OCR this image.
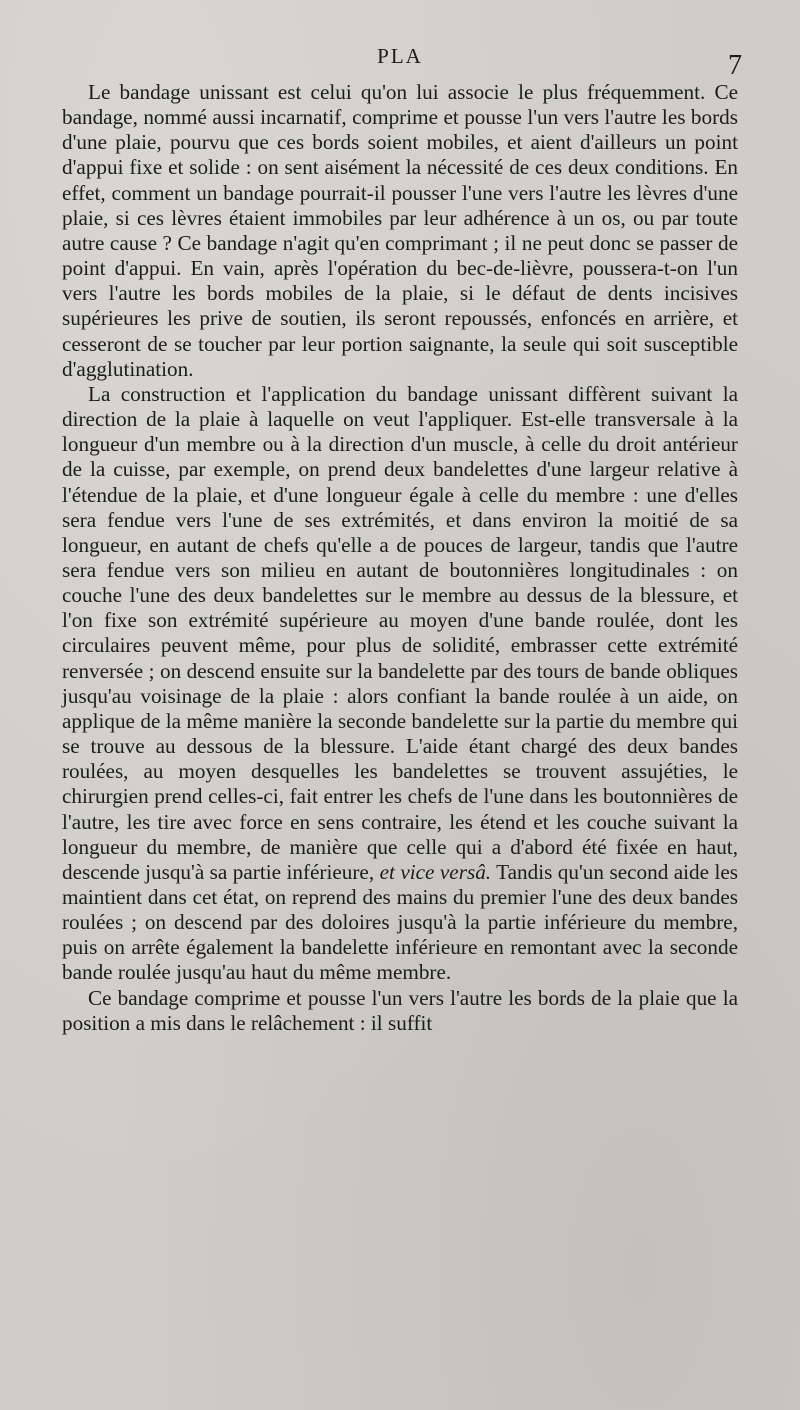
PLA	7

Le bandage unissant est celui qu'on lui associe le plus fréquemment. Ce bandage, nommé aussi incarnatif, comprime et pousse l'un vers l'autre les bords d'une plaie, pourvu que ces bords soient mobiles, et aient d'ailleurs un point d'appui fixe et solide : on sent aisément la nécessité de ces deux conditions. En effet, comment un bandage pourrait-il pousser l'une vers l'autre les lèvres d'une plaie, si ces lèvres étaient immobiles par leur adhérence à un os, ou par toute autre cause ? Ce bandage n'agit qu'en comprimant ; il ne peut donc se passer de point d'appui. En vain, après l'opération du bec-de-lièvre, poussera-t-on l'un vers l'autre les bords mobiles de la plaie, si le défaut de dents incisives supérieures les prive de soutien, ils seront repoussés, enfoncés en arrière, et cesseront de se toucher par leur portion saignante, la seule qui soit susceptible d'agglutination.

La construction et l'application du bandage unissant diffèrent suivant la direction de la plaie à laquelle on veut l'appliquer. Est-elle transversale à la longueur d'un membre ou à la direction d'un muscle, à celle du droit antérieur de la cuisse, par exemple, on prend deux bandelettes d'une largeur relative à l'étendue de la plaie, et d'une longueur égale à celle du membre : une d'elles sera fendue vers l'une de ses extrémités, et dans environ la moitié de sa longueur, en autant de chefs qu'elle a de pouces de largeur, tandis que l'autre sera fendue vers son milieu en autant de boutonnières longitudinales : on couche l'une des deux bandelettes sur le membre au dessus de la blessure, et l'on fixe son extrémité supérieure au moyen d'une bande roulée, dont les circulaires peuvent même, pour plus de solidité, embrasser cette extrémité renversée ; on descend ensuite sur la bandelette par des tours de bande obliques jusqu'au voisinage de la plaie : alors confiant la bande roulée à un aide, on applique de la même manière la seconde bandelette sur la partie du membre qui se trouve au dessous de la blessure. L'aide étant chargé des deux bandes roulées, au moyen desquelles les bandelettes se trouvent assujéties, le chirurgien prend celles-ci, fait entrer les chefs de l'une dans les boutonnières de l'autre, les tire avec force en sens contraire, les étend et les couche suivant la longueur du membre, de manière que celle qui a d'abord été fixée en haut, descende jusqu'à sa partie inférieure, et vice versâ. Tandis qu'un second aide les maintient dans cet état, on reprend des mains du premier l'une des deux bandes roulées ; on descend par des doloires jusqu'à la partie inférieure du membre, puis on arrête également la bandelette inférieure en remontant avec la seconde bande roulée jusqu'au haut du même membre.

Ce bandage comprime et pousse l'un vers l'autre les bords de la plaie que la position a mis dans le relâchement : il suffit
